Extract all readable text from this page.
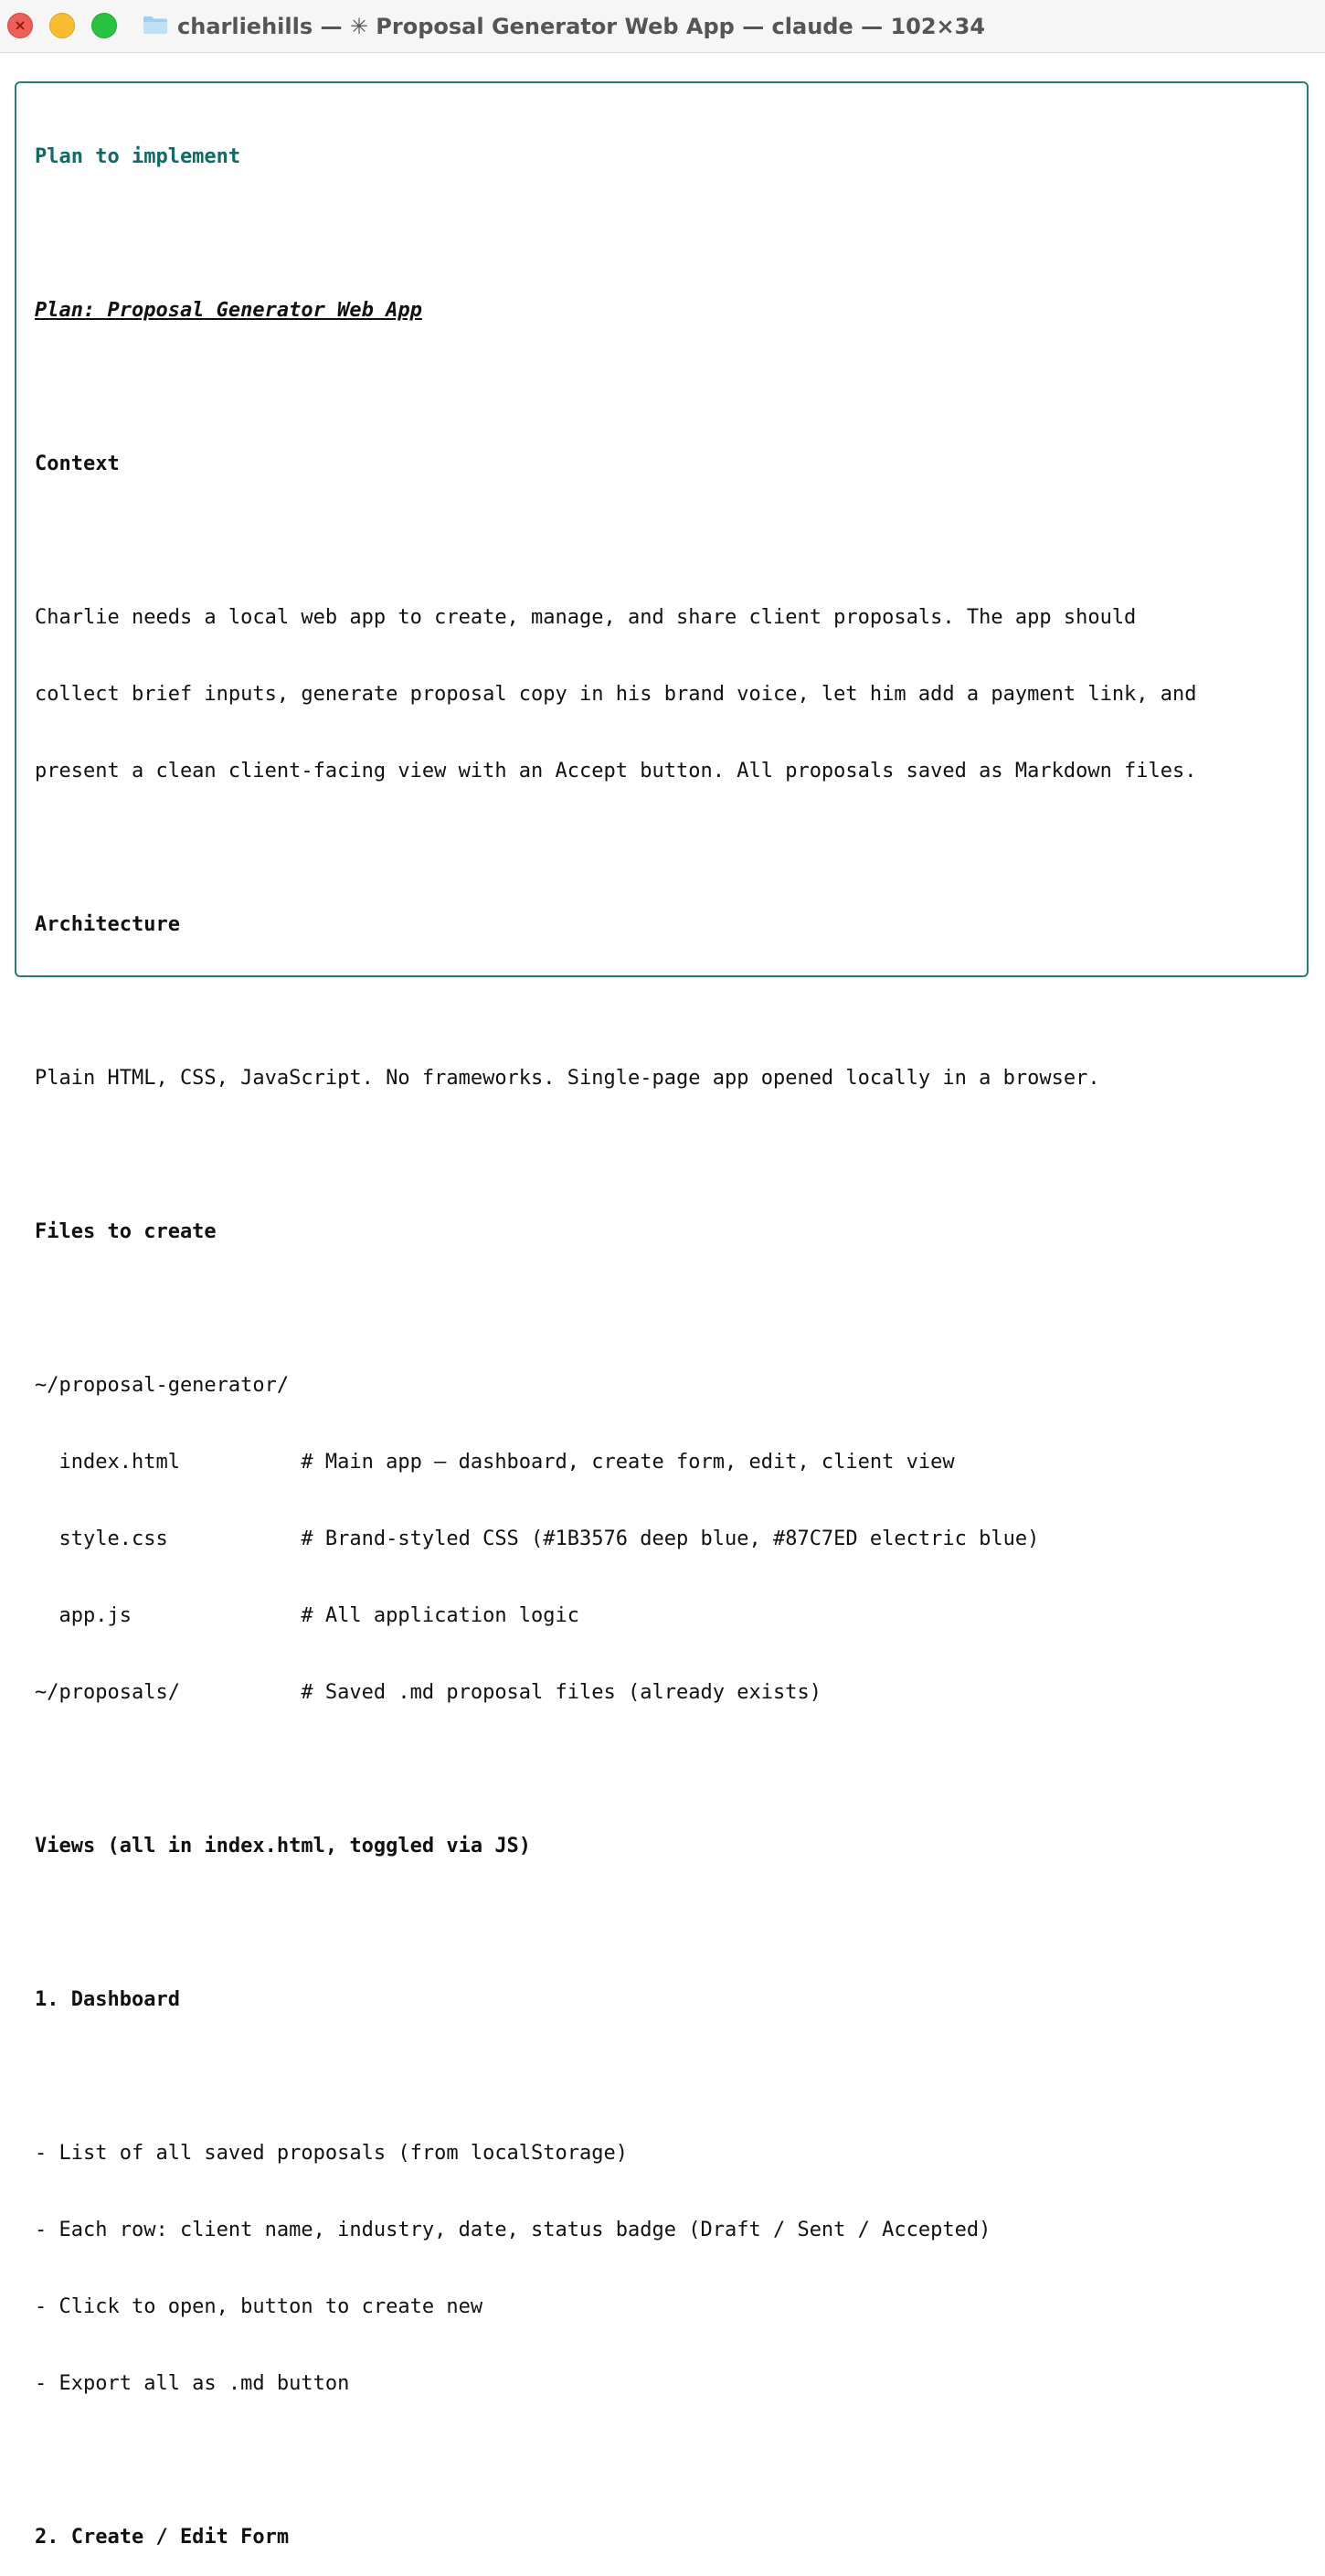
×	charliehills — ✳ Proposal Generator Web App — claude — 102×34

Plan to implement

Plan: Proposal Generator Web App

Context

Charlie needs a local web app to create, manage, and share client proposals. The app should

collect brief inputs, generate proposal copy in his brand voice, let him add a payment link, and

present a clean client-facing view with an Accept button. All proposals saved as Markdown files.

Architecture

Plain HTML, CSS, JavaScript. No frameworks. Single-page app opened locally in a browser.

Files to create

~/proposal-generator/

index.html          # Main app — dashboard, create form, edit, client view

style.css           # Brand-styled CSS (#1B3576 deep blue, #87C7ED electric blue)

app.js              # All application logic

~/proposals/          # Saved .md proposal files (already exists)

Views (all in index.html, toggled via JS)

1. Dashboard

- List of all saved proposals (from localStorage)

- Each row: client name, industry, date, status badge (Draft / Sent / Accepted)

- Click to open, button to create new

- Export all as .md button

2. Create / Edit Form
